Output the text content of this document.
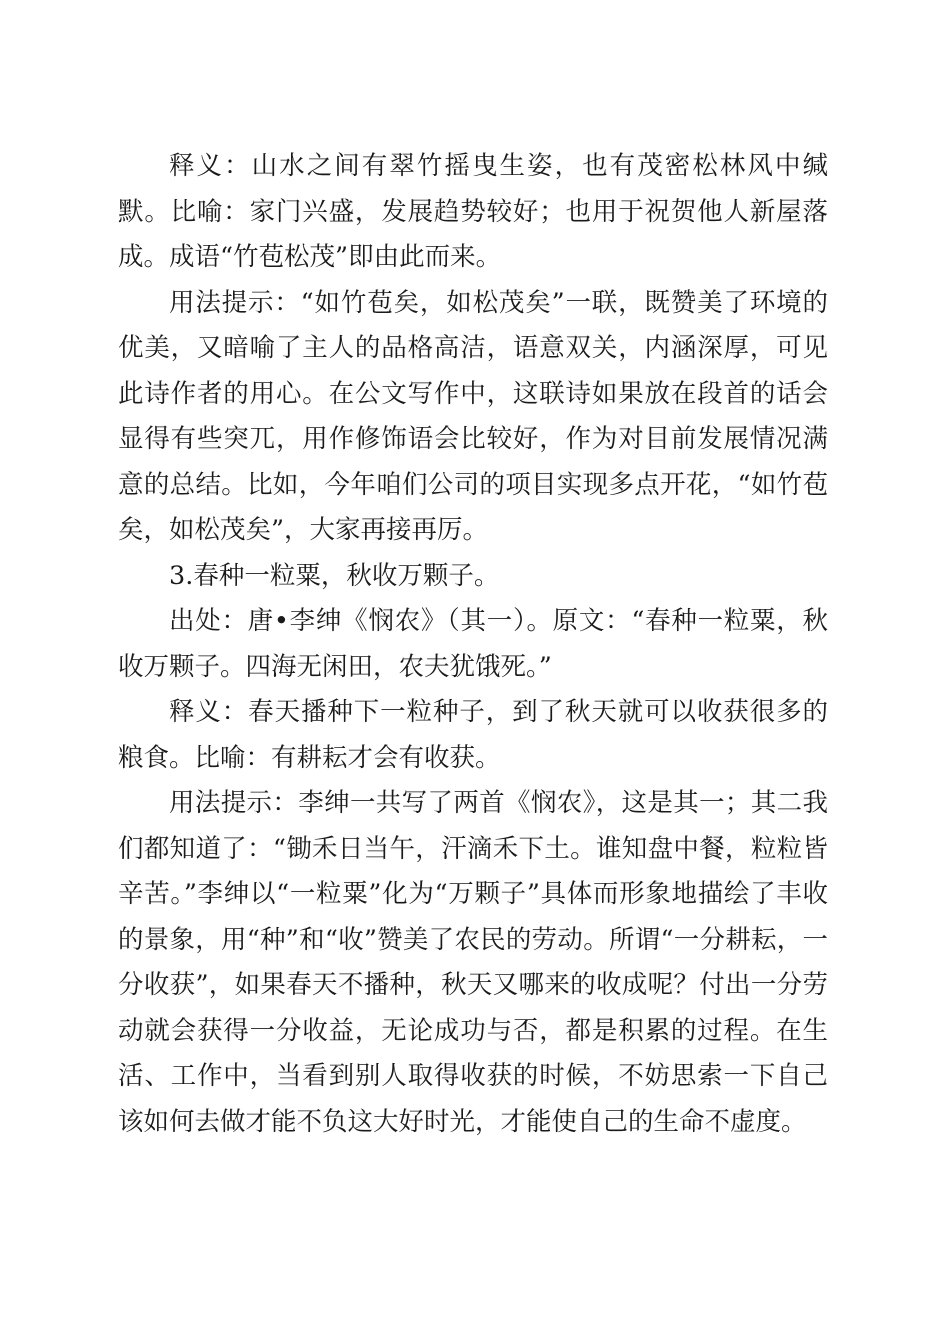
释义：山水之间有翠竹摇曳生姿，也有茂密松林风中缄默。比喻：家门兴盛，发展趋势较好；也用于祝贺他人新屋落成。成语“竹苞松茂”即由此而来。

用法提示：“如竹苞矣，如松茂矣”一联，既赞美了环境的优美，又暗喻了主人的品格高洁，语意双关，内涵深厚，可见此诗作者的用心。在公文写作中，这联诗如果放在段首的话会显得有些突兀，用作修饰语会比较好，作为对目前发展情况满意的总结。比如，今年咱们公司的项目实现多点开花，“如竹苞矣，如松茂矣”，大家再接再厉。

3.春种一粒粟，秋收万颗子。

出处：唐•李绅《悯农》（其一）。原文：“春种一粒粟，秋收万颗子。四海无闲田，农夫犹饿死。”

释义：春天播种下一粒种子，到了秋天就可以收获很多的粮食。比喻：有耕耘才会有收获。

用法提示：李绅一共写了两首《悯农》，这是其一；其二我们都知道了：“锄禾日当午，汗滴禾下土。谁知盘中餐，粒粒皆辛苦。”李绅以“一粒粟”化为“万颗子”具体而形象地描绘了丰收的景象，用“种”和“收”赞美了农民的劳动。所谓“一分耕耘，一分收获”，如果春天不播种，秋天又哪来的收成呢？付出一分劳动就会获得一分收益，无论成功与否，都是积累的过程。在生活、工作中，当看到别人取得收获的时候，不妨思索一下自己该如何去做才能不负这大好时光，才能使自己的生命不虚度。
